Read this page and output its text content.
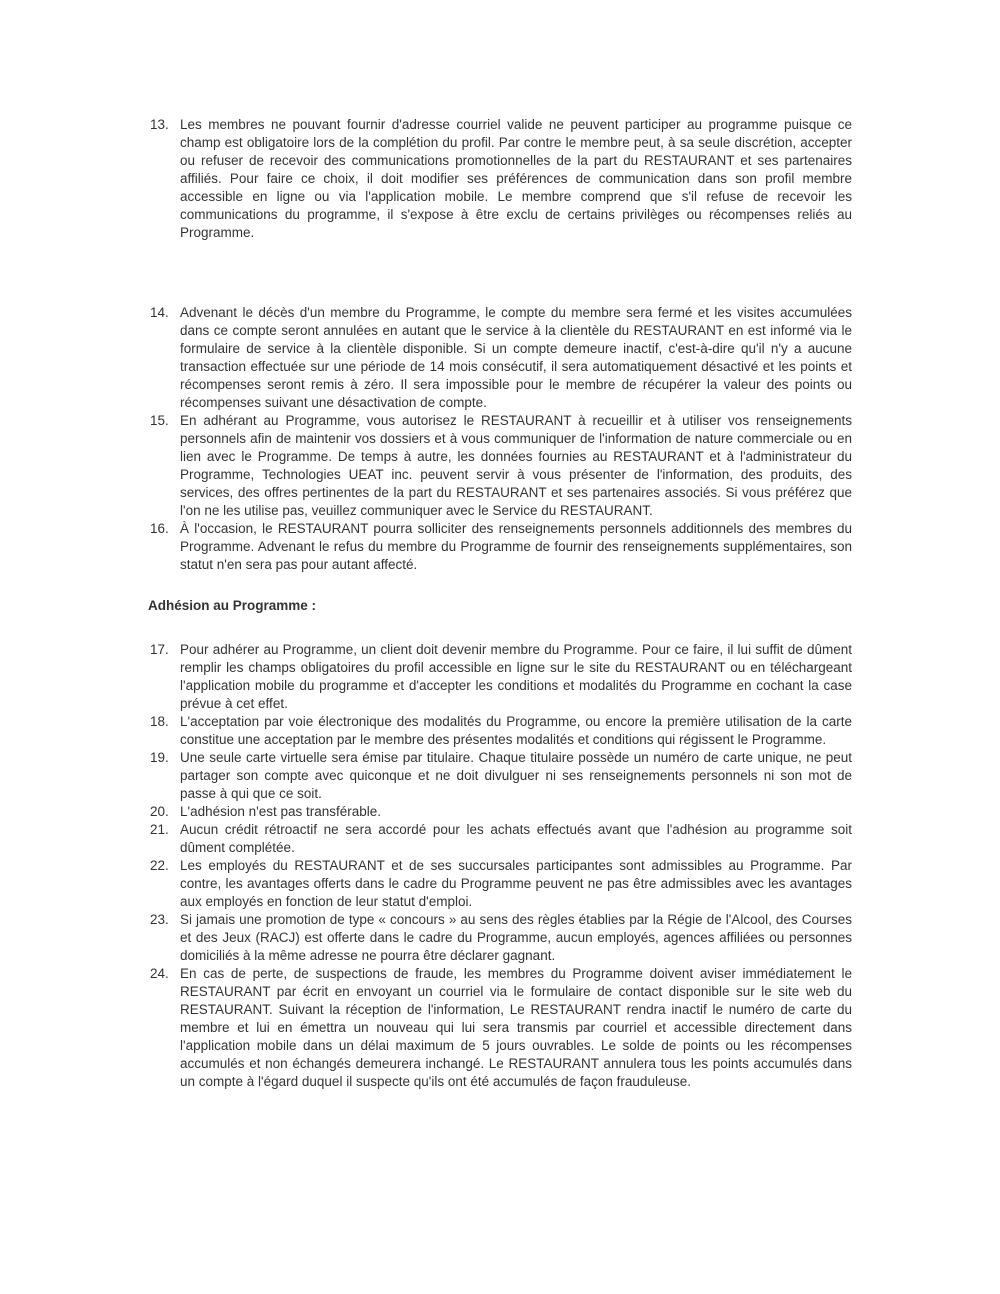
13. Les membres ne pouvant fournir d'adresse courriel valide ne peuvent participer au programme puisque ce champ est obligatoire lors de la complétion du profil. Par contre le membre peut, à sa seule discrétion, accepter ou refuser de recevoir des communications promotionnelles de la part du RESTAURANT et ses partenaires affiliés. Pour faire ce choix, il doit modifier ses préférences de communication dans son profil membre accessible en ligne ou via l'application mobile. Le membre comprend que s'il refuse de recevoir les communications du programme, il s'expose à être exclu de certains privilèges ou récompenses reliés au Programme.
14. Advenant le décès d'un membre du Programme, le compte du membre sera fermé et les visites accumulées dans ce compte seront annulées en autant que le service à la clientèle du RESTAURANT en est informé via le formulaire de service à la clientèle disponible. Si un compte demeure inactif, c'est-à-dire qu'il n'y a aucune transaction effectuée sur une période de 14 mois consécutif, il sera automatiquement désactivé et les points et récompenses seront remis à zéro. Il sera impossible pour le membre de récupérer la valeur des points ou récompenses suivant une désactivation de compte.
15. En adhérant au Programme, vous autorisez le RESTAURANT à recueillir et à utiliser vos renseignements personnels afin de maintenir vos dossiers et à vous communiquer de l'information de nature commerciale ou en lien avec le Programme. De temps à autre, les données fournies au RESTAURANT et à l'administrateur du Programme, Technologies UEAT inc. peuvent servir à vous présenter de l'information, des produits, des services, des offres pertinentes de la part du RESTAURANT et ses partenaires associés. Si vous préférez que l'on ne les utilise pas, veuillez communiquer avec le Service du RESTAURANT.
16. À l'occasion, le RESTAURANT pourra solliciter des renseignements personnels additionnels des membres du Programme. Advenant le refus du membre du Programme de fournir des renseignements supplémentaires, son statut n'en sera pas pour autant affecté.
Adhésion au Programme :
17. Pour adhérer au Programme, un client doit devenir membre du Programme. Pour ce faire, il lui suffit de dûment remplir les champs obligatoires du profil accessible en ligne sur le site du RESTAURANT ou en téléchargeant l'application mobile du programme et d'accepter les conditions et modalités du Programme en cochant la case prévue à cet effet.
18. L'acceptation par voie électronique des modalités du Programme, ou encore la première utilisation de la carte constitue une acceptation par le membre des présentes modalités et conditions qui régissent le Programme.
19. Une seule carte virtuelle sera émise par titulaire. Chaque titulaire possède un numéro de carte unique, ne peut partager son compte avec quiconque et ne doit divulguer ni ses renseignements personnels ni son mot de passe à qui que ce soit.
20. L'adhésion n'est pas transférable.
21. Aucun crédit rétroactif ne sera accordé pour les achats effectués avant que l'adhésion au programme soit dûment complétée.
22. Les employés du RESTAURANT et de ses succursales participantes sont admissibles au Programme. Par contre, les avantages offerts dans le cadre du Programme peuvent ne pas être admissibles avec les avantages aux employés en fonction de leur statut d'emploi.
23. Si jamais une promotion de type « concours » au sens des règles établies par la Régie de l'Alcool, des Courses et des Jeux (RACJ) est offerte dans le cadre du Programme, aucun employés, agences affiliées ou personnes domiciliés à la même adresse ne pourra être déclarer gagnant.
24. En cas de perte, de suspections de fraude, les membres du Programme doivent aviser immédiatement le RESTAURANT par écrit en envoyant un courriel via le formulaire de contact disponible sur le site web du RESTAURANT. Suivant la réception de l'information, Le RESTAURANT rendra inactif le numéro de carte du membre et lui en émettra un nouveau qui lui sera transmis par courriel et accessible directement dans l'application mobile dans un délai maximum de 5 jours ouvrables. Le solde de points ou les récompenses accumulés et non échangés demeurera inchangé. Le RESTAURANT annulera tous les points accumulés dans un compte à l'égard duquel il suspecte qu'ils ont été accumulés de façon frauduleuse.
